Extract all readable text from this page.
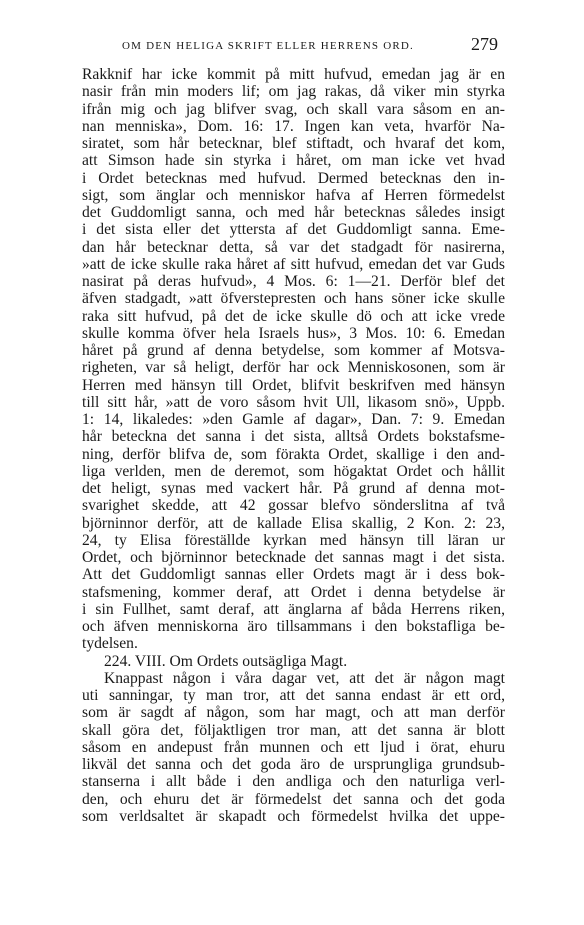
OM DEN HELIGA SKRIFT ELLER HERRENS ORD.	279
Rakknif har icke kommit på mitt hufvud, emedan jag är en
nasir från min moders lif; om jag rakas, då viker min styrka
ifrån mig och jag blifver svag, och skall vara såsom en an-
nan menniska», Dom. 16: 17. Ingen kan veta, hvarför Na-
siratet, som hår betecknar, blef stiftadt, och hvaraf det kom,
att Simson hade sin styrka i håret, om man icke vet hvad
i Ordet betecknas med hufvud. Dermed betecknas den in-
sigt, som änglar och menniskor hafva af Herren förmedelst
det Guddomligt sanna, och med hår betecknas således insigt
i det sista eller det yttersta af det Guddomligt sanna. Eme-
dan hår betecknar detta, så var det stadgadt för nasirerna,
»att de icke skulle raka håret af sitt hufvud, emedan det var Guds
nasirat på deras hufvud», 4 Mos. 6: 1—21. Derför blef det
äfven stadgadt, »att öfverstepresten och hans söner icke skulle
raka sitt hufvud, på det de icke skulle dö och att icke vrede
skulle komma öfver hela Israels hus», 3 Mos. 10: 6. Emedan
håret på grund af denna betydelse, som kommer af Motsva-
righeten, var så heligt, derför har ock Menniskosonen, som är
Herren med hänsyn till Ordet, blifvit beskrifven med hänsyn
till sitt hår, »att de voro såsom hvit Ull, likasom snö», Uppb.
1: 14, likaledes: »den Gamle af dagar», Dan. 7: 9. Emedan
hår beteckna det sanna i det sista, alltså Ordets bokstafsme-
ning, derför blifva de, som förakta Ordet, skallige i den and-
liga verlden, men de deremot, som högaktat Ordet och hållit
det heligt, synas med vackert hår. På grund af denna mot-
svarighet skedde, att 42 gossar blefvo sönderslitna af två
björninnor derför, att de kallade Elisa skallig, 2 Kon. 2: 23,
24, ty Elisa föreställde kyrkan med hänsyn till läran ur
Ordet, och björninnor betecknade det sannas magt i det sista.
Att det Guddomligt sannas eller Ordets magt är i dess bok-
stafsmening, kommer deraf, att Ordet i denna betydelse är
i sin Fullhet, samt deraf, att änglarna af båda Herrens riken,
och äfven menniskorna äro tillsammans i den bokstafliga be-
tydelsen.
224. VIII. Om Ordets outsägliga Magt.
Knappast någon i våra dagar vet, att det är någon magt
uti sanningar, ty man tror, att det sanna endast är ett ord,
som är sagdt af någon, som har magt, och att man derför
skall göra det, följaktligen tror man, att det sanna är blott
såsom en andepust från munnen och ett ljud i örat, ehuru
likväl det sanna och det goda äro de ursprungliga grundsub-
stanserna i allt både i den andliga och den naturliga verl-
den, och ehuru det är förmedelst det sanna och det goda
som verldsaltet är skapadt och förmedelst hvilka det uppe-
